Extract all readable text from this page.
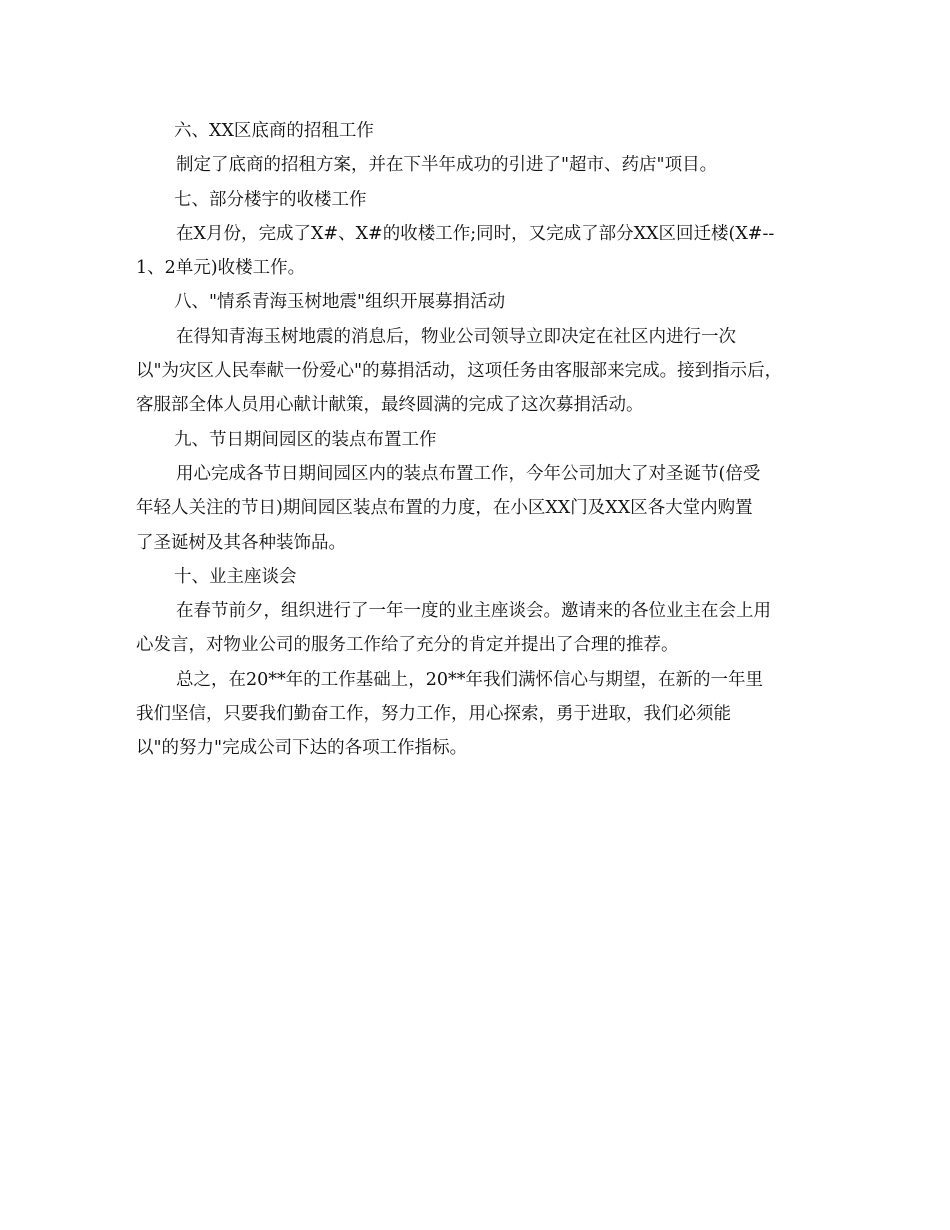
六、XX区底商的招租工作
制定了底商的招租方案，并在下半年成功的引进了"超市、药店"项目。
七、部分楼宇的收楼工作
在X月份，完成了X#、X#的收楼工作;同时，又完成了部分XX区回迁楼(X#--
1、2单元)收楼工作。
八、"情系青海玉树地震"组织开展募捐活动
在得知青海玉树地震的消息后，物业公司领导立即决定在社区内进行一次
以"为灾区人民奉献一份爱心"的募捐活动，这项任务由客服部来完成。接到指示后，
客服部全体人员用心献计献策，最终圆满的完成了这次募捐活动。
九、节日期间园区的装点布置工作
用心完成各节日期间园区内的装点布置工作，今年公司加大了对圣诞节(倍受
年轻人关注的节日)期间园区装点布置的力度，在小区XX门及XX区各大堂内购置
了圣诞树及其各种装饰品。
十、业主座谈会
在春节前夕，组织进行了一年一度的业主座谈会。邀请来的各位业主在会上用
心发言，对物业公司的服务工作给了充分的肯定并提出了合理的推荐。
总之，在20**年的工作基础上，20**年我们满怀信心与期望，在新的一年里
我们坚信，只要我们勤奋工作，努力工作，用心探索，勇于进取，我们必须能
以"的努力"完成公司下达的各项工作指标。
